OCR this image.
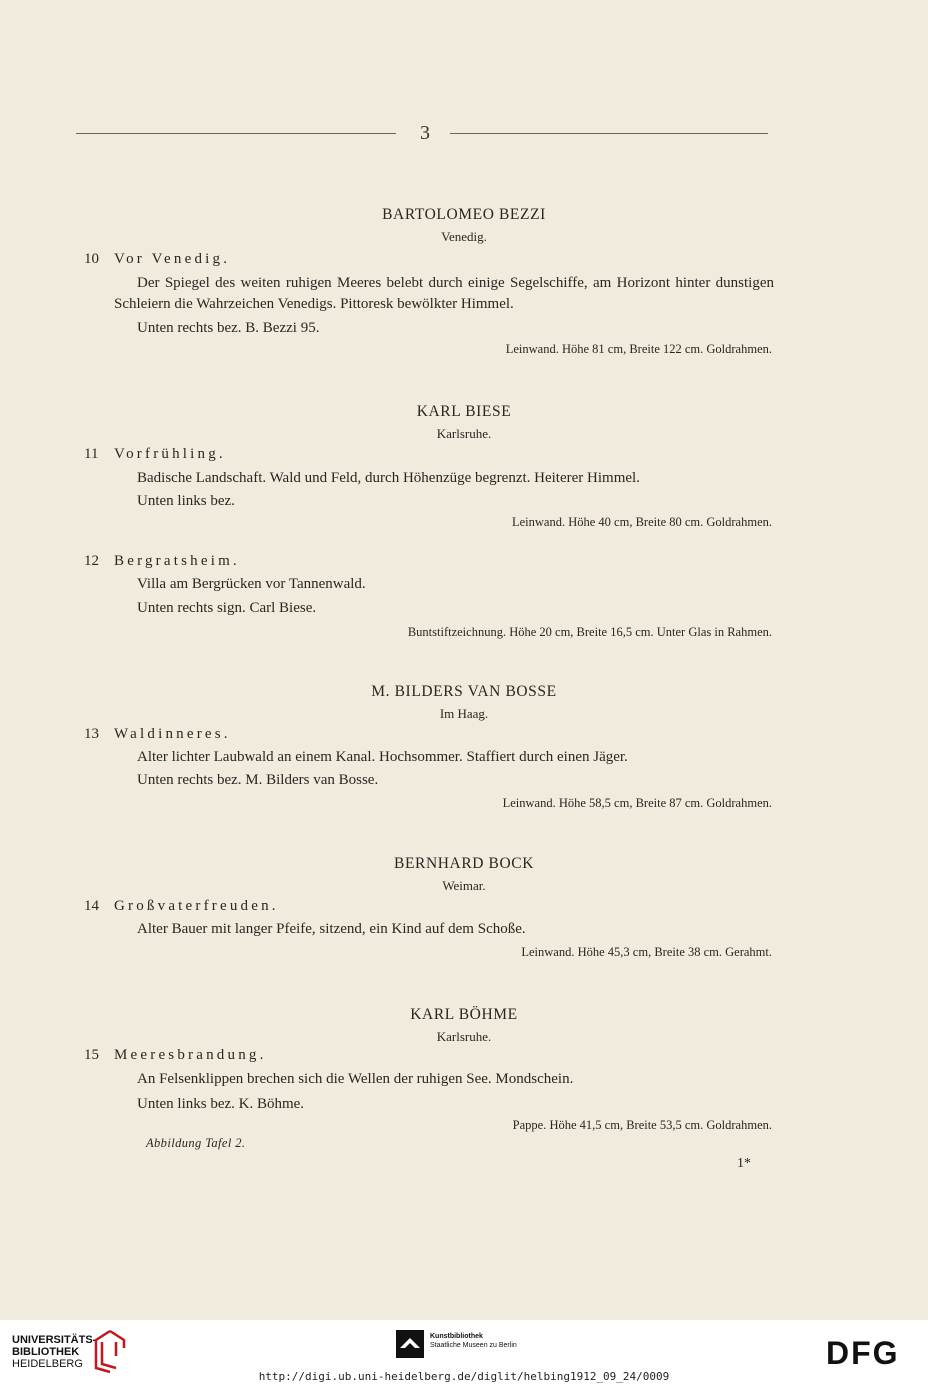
3
BARTOLOMEO BEZZI
Venedig.
10 Vor Venedig.
Der Spiegel des weiten ruhigen Meeres belebt durch einige Segelschiffe, am Horizont hinter dunstigen Schleiern die Wahrzeichen Venedigs. Pittoresk bewölkter Himmel.
Unten rechts bez. B. Bezzi 95.
Leinwand. Höhe 81 cm, Breite 122 cm. Goldrahmen.
KARL BIESE
Karlsruhe.
11 Vorfrühling.
Badische Landschaft. Wald und Feld, durch Höhenzüge begrenzt. Heiterer Himmel.
Unten links bez.
Leinwand. Höhe 40 cm, Breite 80 cm. Goldrahmen.
12 Bergratsheim.
Villa am Bergrücken vor Tannenwald.
Unten rechts sign. Carl Biese.
Buntstiftzeichnung. Höhe 20 cm, Breite 16,5 cm. Unter Glas in Rahmen.
M. BILDERS VAN BOSSE
Im Haag.
13 Waldinneres.
Alter lichter Laubwald an einem Kanal. Hochsommer. Staffiert durch einen Jäger.
Unten rechts bez. M. Bilders van Bosse.
Leinwand. Höhe 58,5 cm, Breite 87 cm. Goldrahmen.
BERNHARD BOCK
Weimar.
14 Großvaterfreuden.
Alter Bauer mit langer Pfeife, sitzend, ein Kind auf dem Schoße.
Leinwand. Höhe 45,3 cm, Breite 38 cm. Gerahmt.
KARL BÖHME
Karlsruhe.
15 Meeresbrandung.
An Felsenklippen brechen sich die Wellen der ruhigen See. Mondschein.
Unten links bez. K. Böhme.
Pappe. Höhe 41,5 cm, Breite 53,5 cm. Goldrahmen.
Abbildung Tafel 2.
1*
UNIVERSITÄTS-
BIBLIOTHEK
HEIDELBERG
Kunstbibliothek
Staatliche Museen zu Berlin	DFG
http://digi.ub.uni-heidelberg.de/diglit/helbing1912_09_24/0009
